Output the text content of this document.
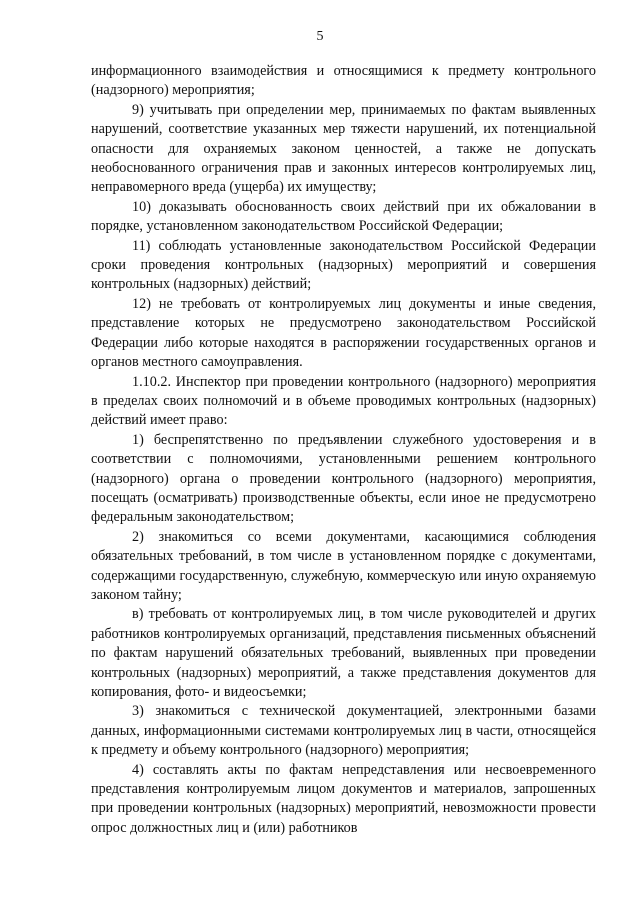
5

информационного взаимодействия и относящимися к предмету контрольного (надзорного) мероприятия;

9) учитывать при определении мер, принимаемых по фактам выявленных нарушений, соответствие указанных мер тяжести нарушений, их потенциальной опасности для охраняемых законом ценностей, а также не допускать необоснованного ограничения прав и законных интересов контролируемых лиц, неправомерного вреда (ущерба) их имуществу;

10) доказывать обоснованность своих действий при их обжаловании в порядке, установленном законодательством Российской Федерации;

11) соблюдать установленные законодательством Российской Федерации сроки проведения контрольных (надзорных) мероприятий и совершения контрольных (надзорных) действий;

12) не требовать от контролируемых лиц документы и иные сведения, представление которых не предусмотрено законодательством Российской Федерации либо которые находятся в распоряжении государственных органов и органов местного самоуправления.

1.10.2. Инспектор при проведении контрольного (надзорного) мероприятия в пределах своих полномочий и в объеме проводимых контрольных (надзорных) действий имеет право:

1) беспрепятственно по предъявлении служебного удостоверения и в соответствии с полномочиями, установленными решением контрольного (надзорного) органа о проведении контрольного (надзорного) мероприятия, посещать (осматривать) производственные объекты, если иное не предусмотрено федеральным законодательством;

2) знакомиться со всеми документами, касающимися соблюдения обязательных требований, в том числе в установленном порядке с документами, содержащими государственную, служебную, коммерческую или иную охраняемую законом тайну;

в) требовать от контролируемых лиц, в том числе руководителей и других работников контролируемых организаций, представления письменных объяснений по фактам нарушений обязательных требований, выявленных при проведении контрольных (надзорных) мероприятий, а также представления документов для копирования, фото- и видеосъемки;

3) знакомиться с технической документацией, электронными базами данных, информационными системами контролируемых лиц в части, относящейся к предмету и объему контрольного (надзорного) мероприятия;

4) составлять акты по фактам непредставления или несвоевременного представления контролируемым лицом документов и материалов, запрошенных при проведении контрольных (надзорных) мероприятий, невозможности провести опрос должностных лиц и (или) работников
